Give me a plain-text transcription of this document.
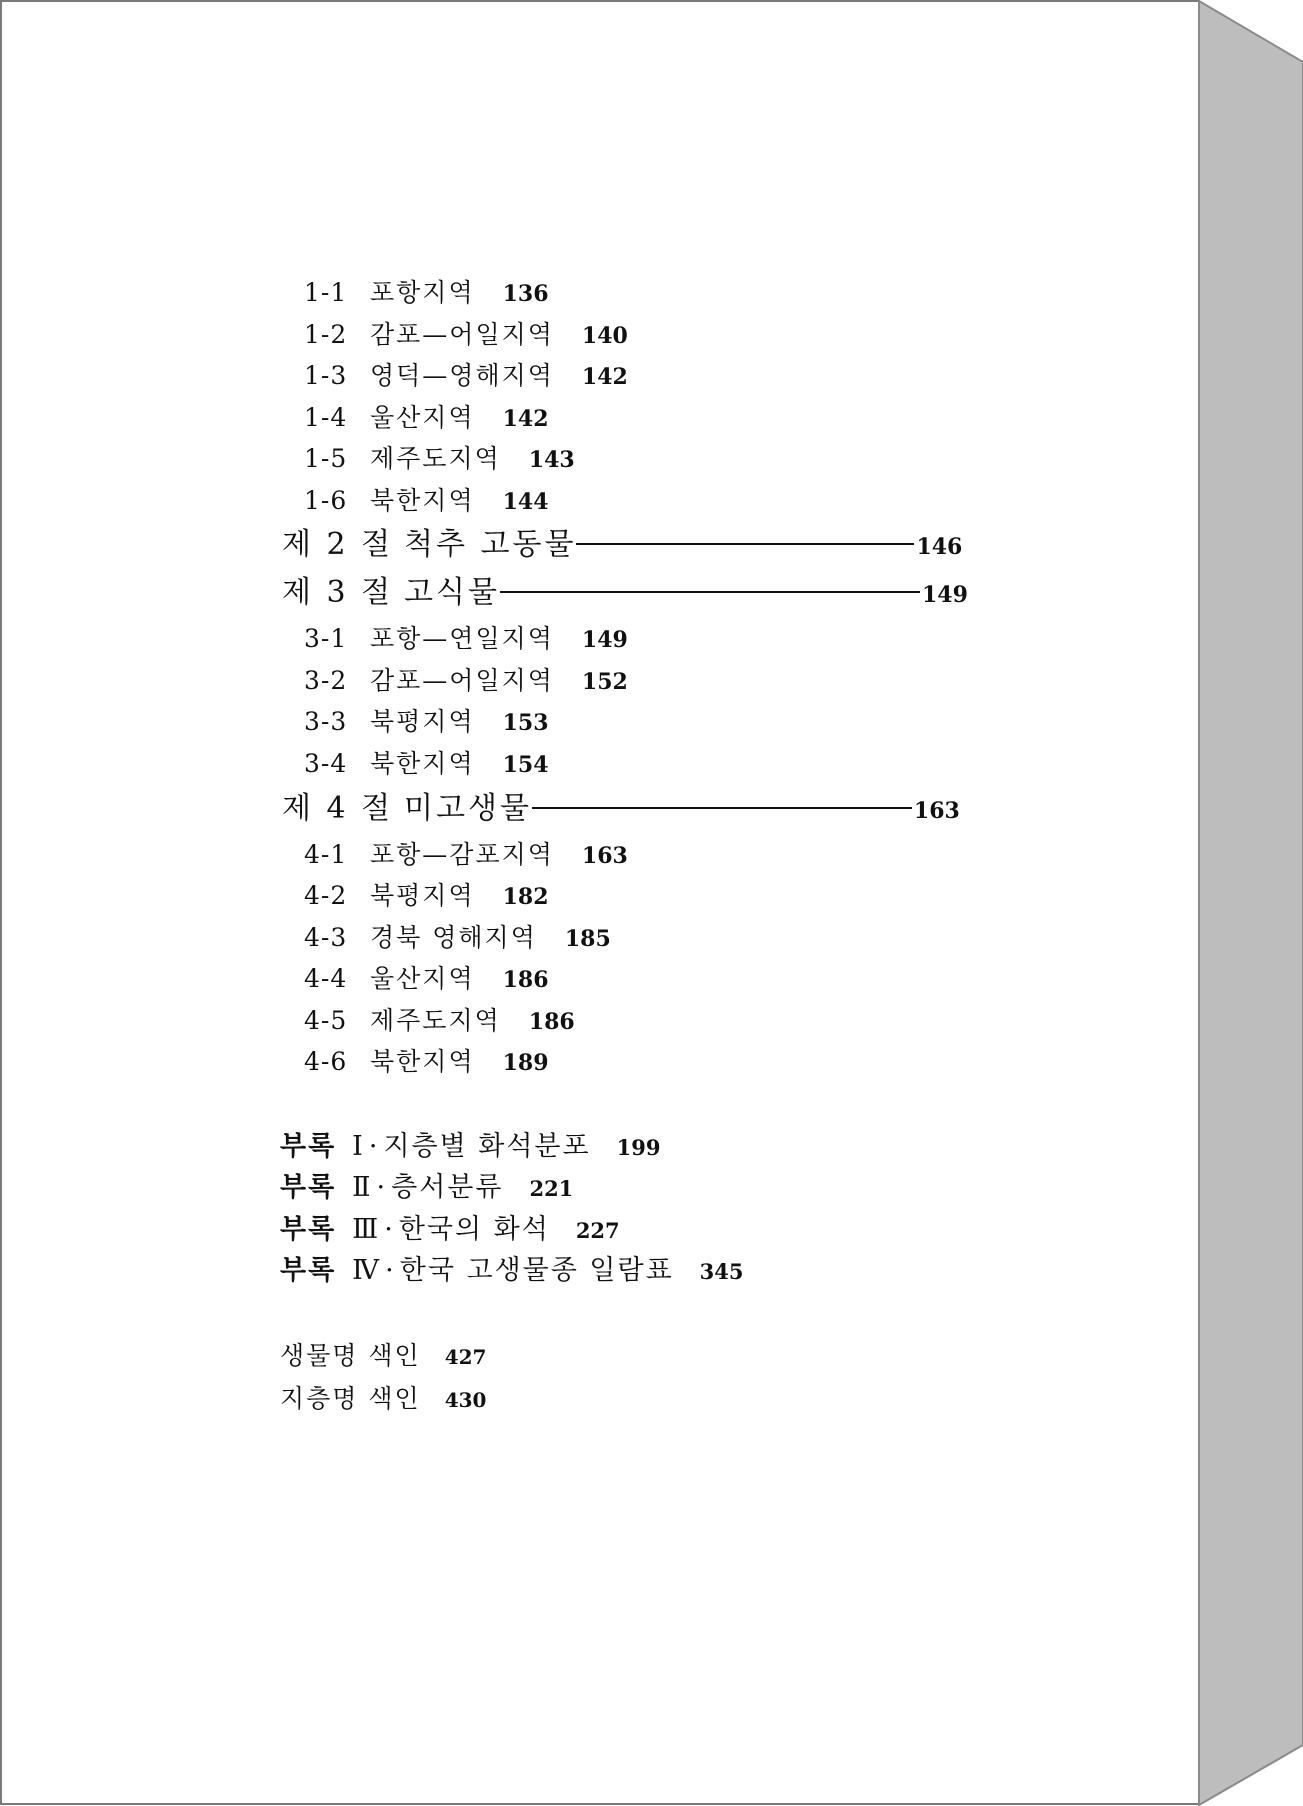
1-1 포항지역 136
1-2 감포—어일지역 140
1-3 영덕—영해지역 142
1-4 울산지역 142
1-5 제주도지역 143
1-6 북한지역 144
제 2 절 척추 고동물	146
제 3 절 고식물	149
3-1 포항—연일지역 149
3-2 감포—어일지역 152
3-3 북평지역 153
3-4 북한지역 154
제 4 절 미고생물	163
4-1 포항—감포지역 163
4-2 북평지역 182
4-3 경북 영해지역 185
4-4 울산지역 186
4-5 제주도지역 186
4-6 북한지역 189
부록 Ⅰ · 지층별 화석분포 199
부록 Ⅱ · 층서분류 221
부록 Ⅲ · 한국의 화석 227
부록 Ⅳ · 한국 고생물종 일람표 345
생물명 색인 427
지층명 색인 430
